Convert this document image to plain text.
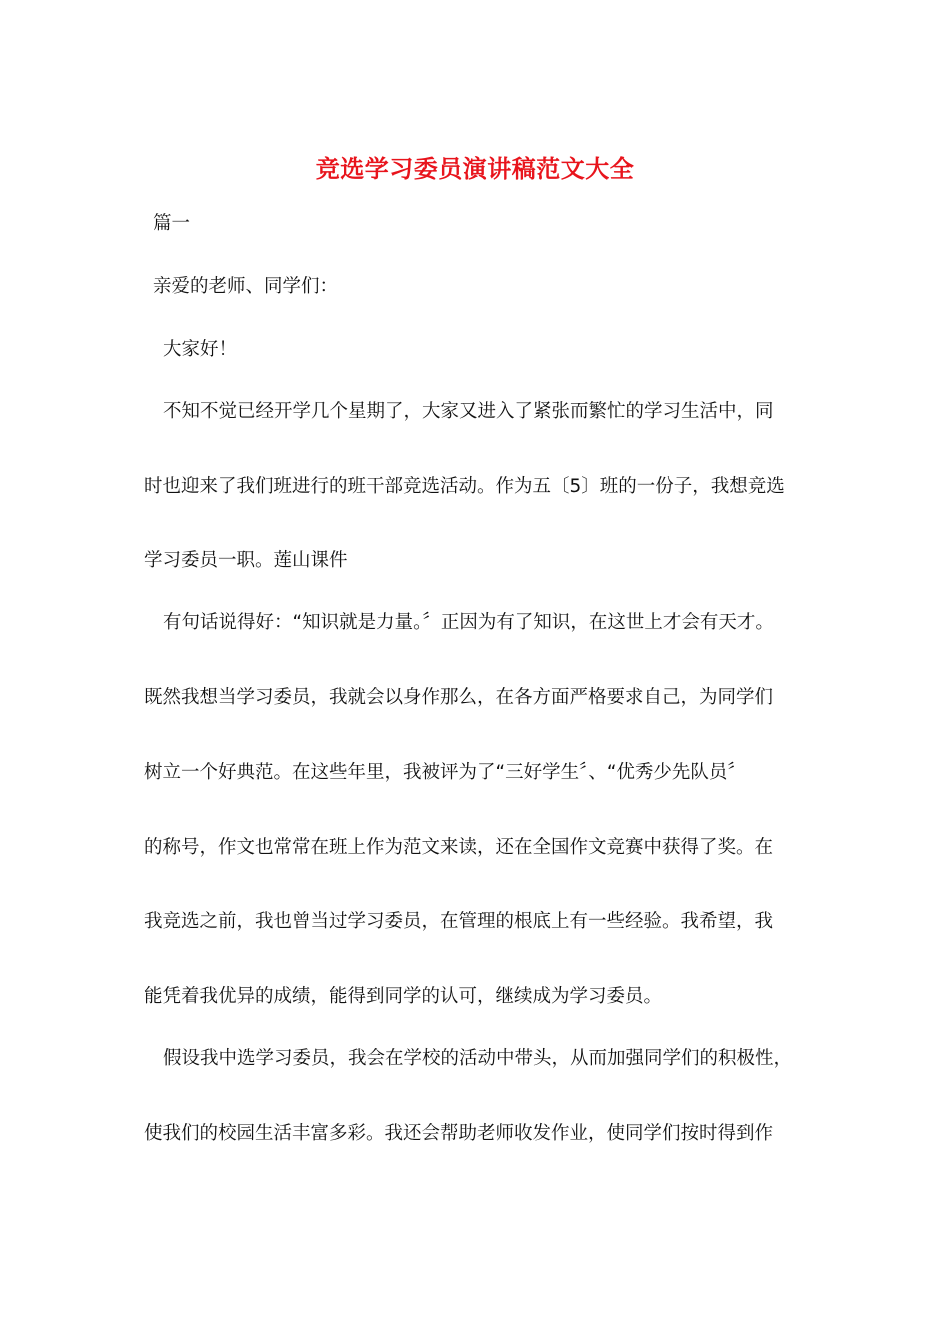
竞选学习委员演讲稿范文大全
篇一
亲爱的老师、同学们：
大家好！
不知不觉已经开学几个星期了，大家又进入了紧张而繁忙的学习生活中，同
时也迎来了我们班进行的班干部竞选活动。作为五〔5〕班的一份子，我想竞选
学习委员一职。莲山课件
有句话说得好：“知识就是力量。〞正因为有了知识，在这世上才会有天才。
既然我想当学习委员，我就会以身作那么，在各方面严格要求自己，为同学们
树立一个好典范。在这些年里，我被评为了“三好学生〞、“优秀少先队员〞
的称号，作文也常常在班上作为范文来读，还在全国作文竞赛中获得了奖。在
我竞选之前，我也曾当过学习委员，在管理的根底上有一些经验。我希望，我
能凭着我优异的成绩，能得到同学的认可，继续成为学习委员。
假设我中选学习委员，我会在学校的活动中带头，从而加强同学们的积极性，
使我们的校园生活丰富多彩。我还会帮助老师收发作业，使同学们按时得到作
